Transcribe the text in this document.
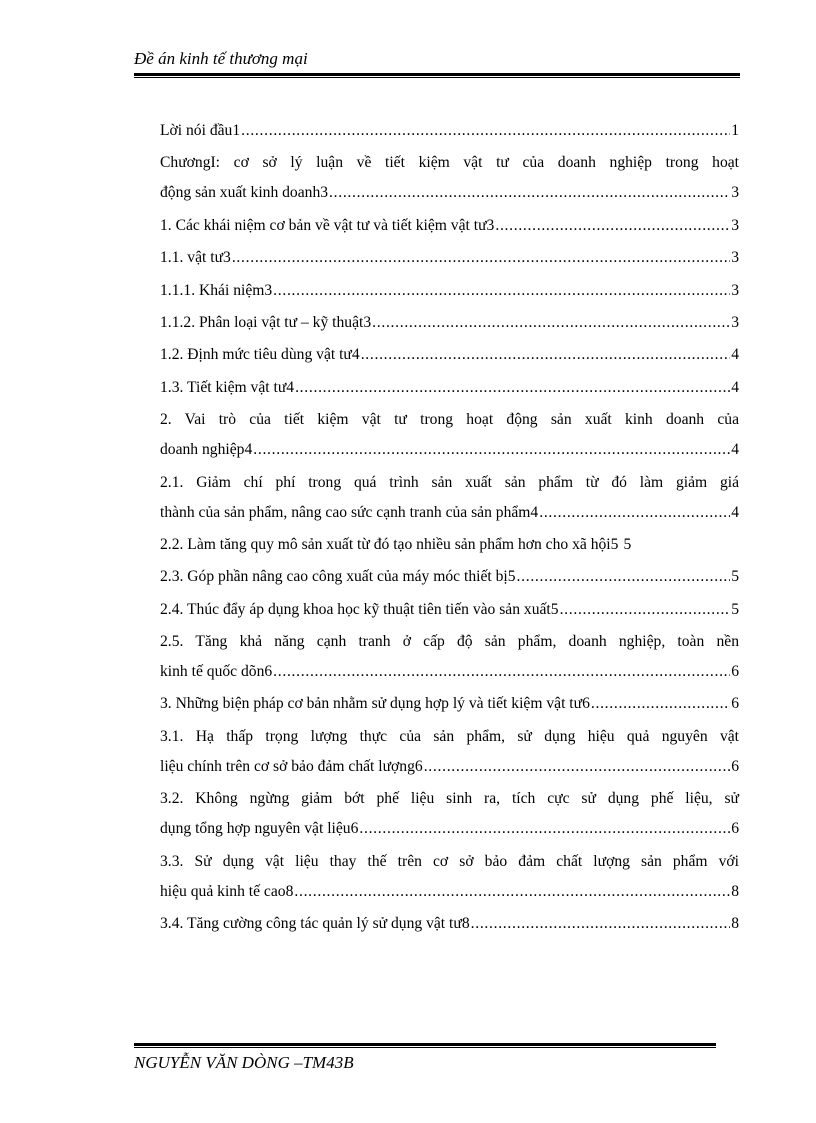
Đề án kinh tế thương mại
Lời nói đầu1 . . .	1
ChươngI: cơ sở lý luận về tiết kiệm vật tư của doanh nghiệp trong hoạt
động sản xuất kinh doanh3 . . .	3
1. Các khái niệm cơ bản về vật tư và tiết kiệm vật tư3 . . .	3
1.1. vật tư3 . . .	3
1.1.1. Khái niệm3 . . .	3
1.1.2. Phân loại vật tư – kỹ thuật3 . . .	3
1.2. Định mức tiêu dùng vật tư4 . . .	4
1.3. Tiết kiệm vật tư4 . . .	4
2. Vai trò của tiết kiệm vật tư trong hoạt động sản xuất kinh doanh của
doanh nghiệp4 . . .	4
2.1. Giảm chí phí trong quá trình sản xuất sản phẩm từ đó làm giảm giá
thành của sản phẩm, nâng cao sức cạnh tranh của sản phẩm4 . . .	4
2.2. Làm tăng quy mô sản xuất từ đó tạo nhiều sản phẩm hơn cho xã hội5 5
2.3. Góp phần nâng cao công xuất của máy móc thiết bị5 . . .	5
2.4. Thúc đẩy áp dụng khoa học kỹ thuật tiên tiến vào sản xuất5 . . .	5
2.5. Tăng khả năng cạnh tranh ở cấp độ sản phẩm, doanh nghiệp, toàn nền
kinh tế quốc dõn6 . . .	6
3. Những biện pháp cơ bản nhằm sử dụng hợp lý và tiết kiệm vật tư6 . . .	6
3.1. Hạ thấp trọng lượng thực của sản phẩm, sử dụng hiệu quả nguyên vật
liệu chính trên cơ sở bảo đảm chất lượng6 . . .	6
3.2. Không ngừng giảm bớt phế liệu sinh ra, tích cực sử dụng phế liệu, sử
dụng tổng hợp nguyên vật liệu6 . . .	6
3.3. Sử dụng vật liệu thay thế trên cơ sở bảo đảm chất lượng sản phẩm với
hiệu quả kinh tế cao8 . . .	8
3.4. Tăng cường công tác quản lý sử dụng vật tư8 . . .	8
NGUYỄN VĂN DÒNG –TM43B
